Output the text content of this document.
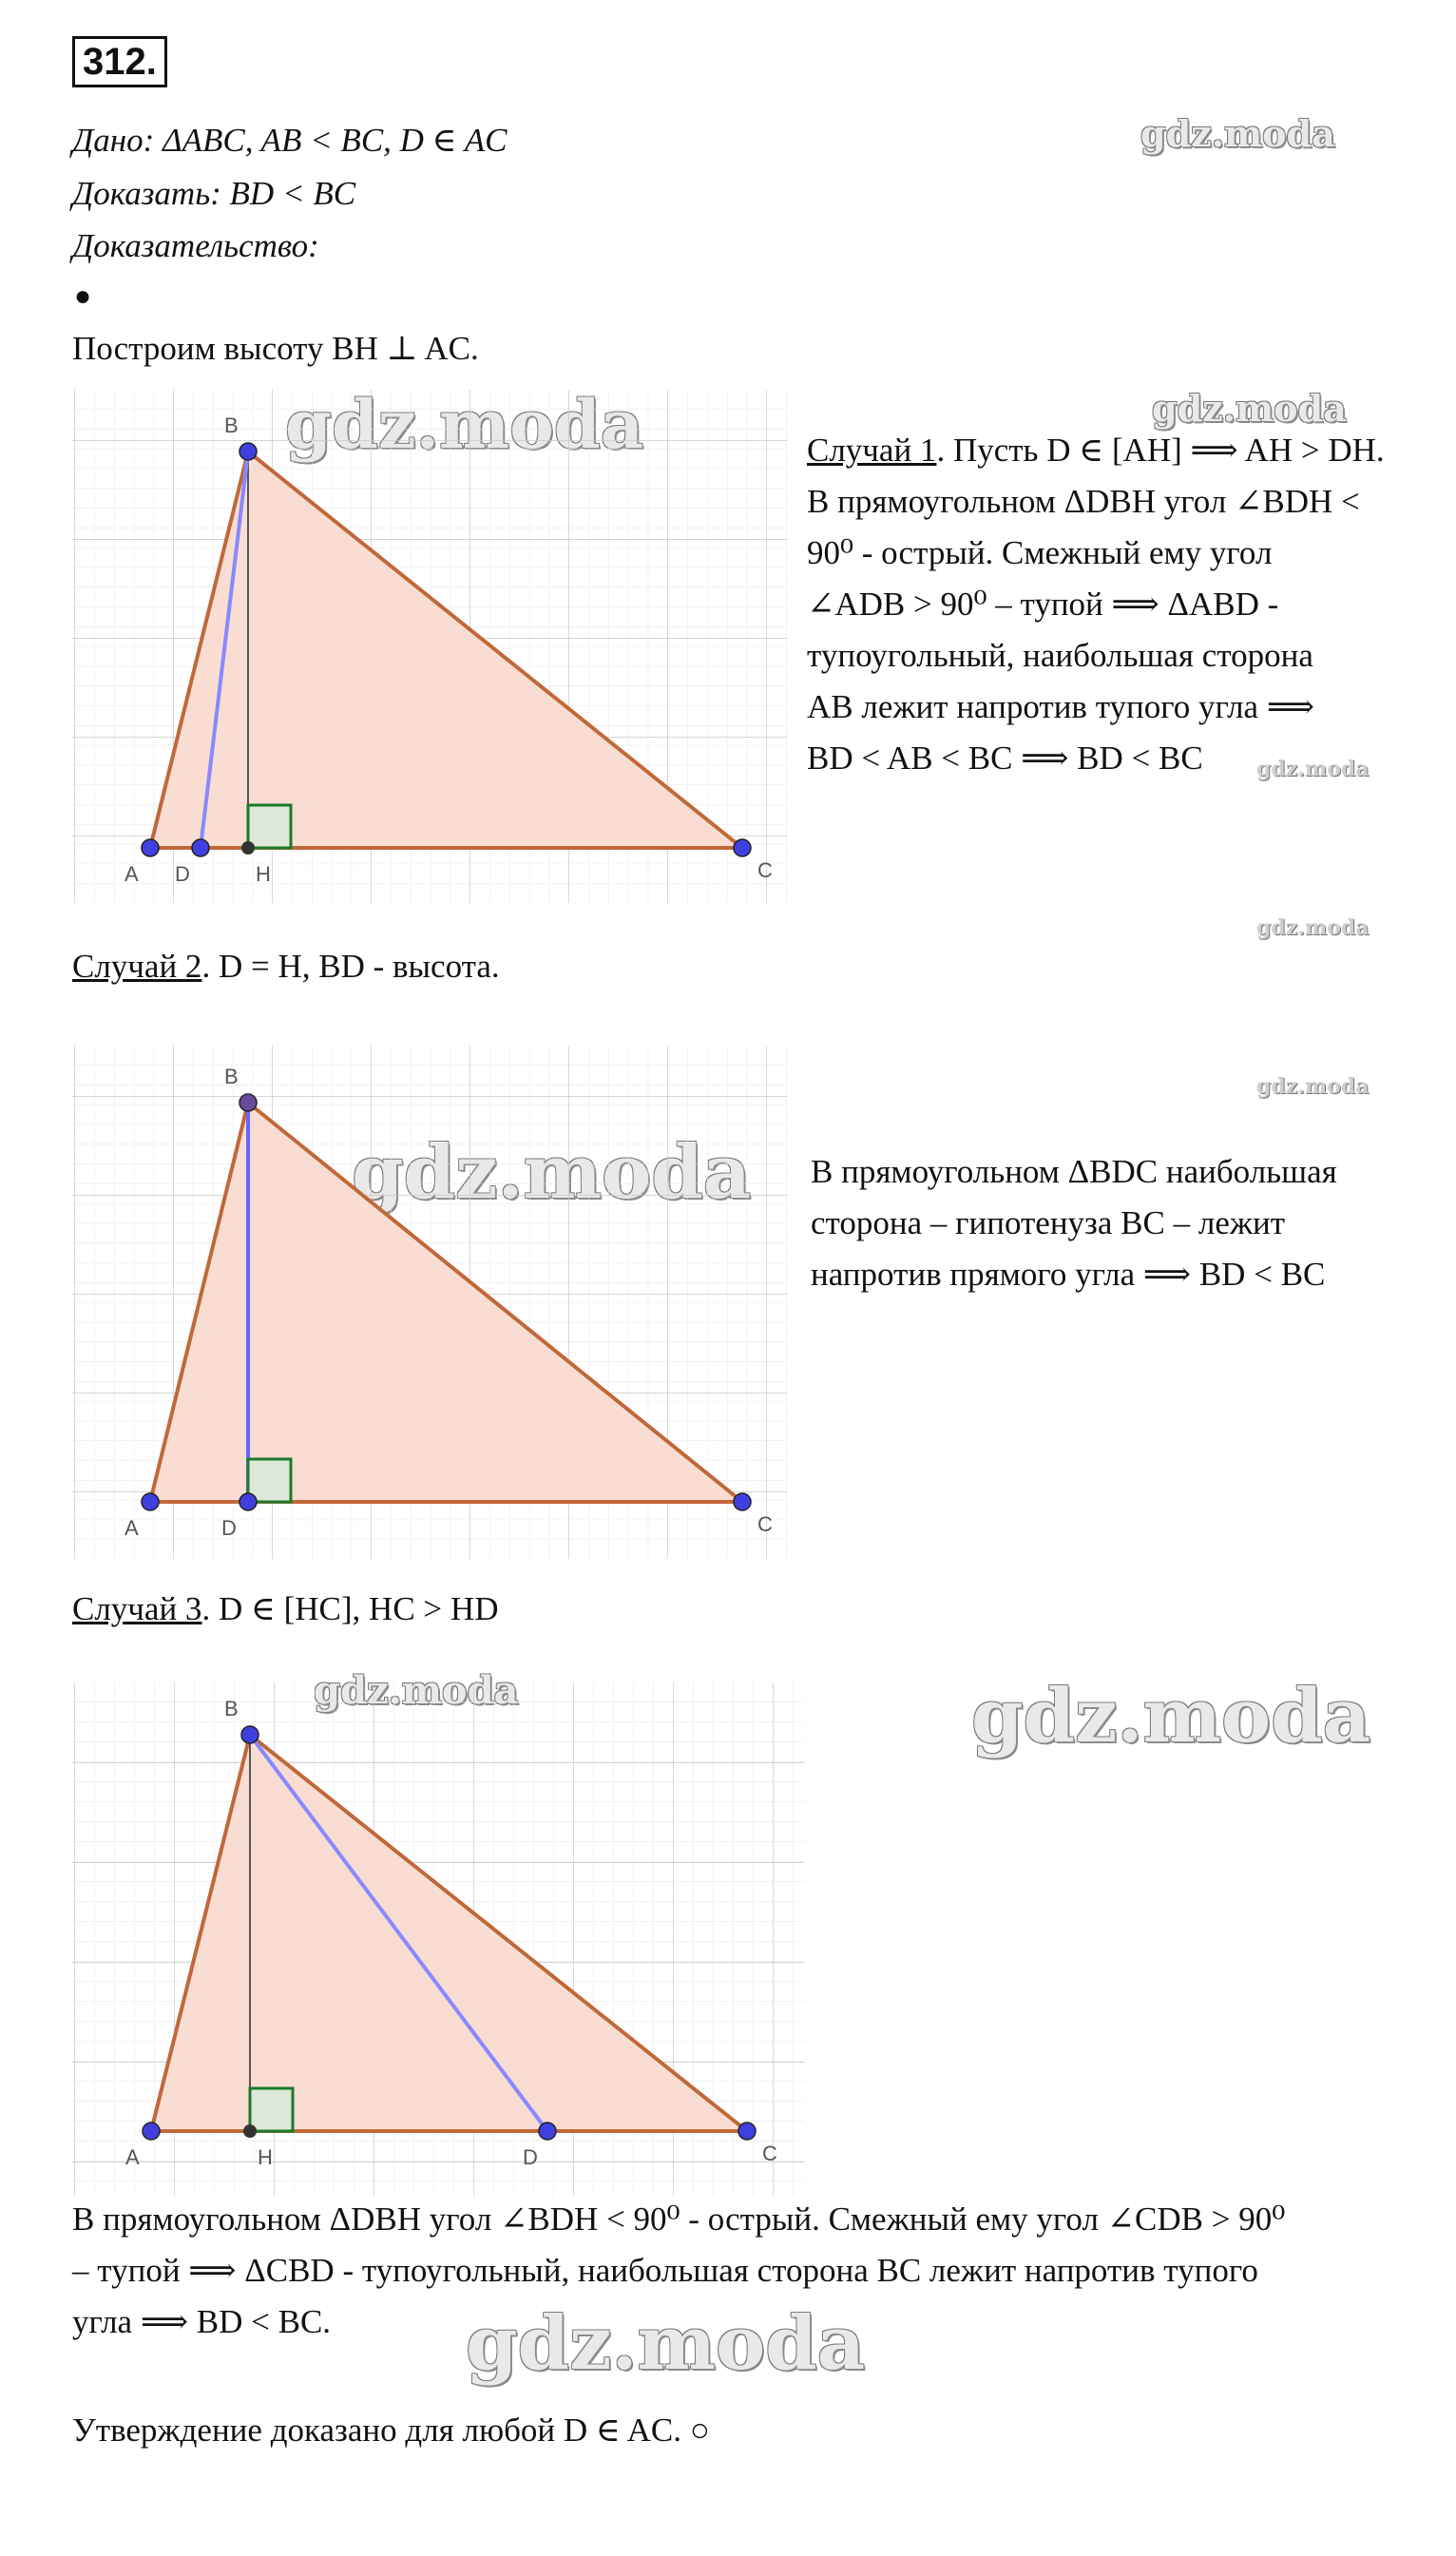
312.
Дано: ΔABC, AB < BC, D ∈ AC
Доказать: BD < BC
Доказательство:
●
Построим высоту BH ⊥ AC.
gdz.moda
gdz.moda
gdz.moda
gdz.moda
gdz.moda
gdz.moda
gdz.moda
A D	H	C
B
Случай 1. Пусть D ∈ [AH] ⟹ AH > DH.
В прямоугольном ΔDBH угол ∠BDH <
90⁰ - острый. Смежный ему угол
∠ADB > 90⁰ – тупой ⟹ ΔABD -
тупоугольный, наибольшая сторона
AB лежит напротив тупого угла ⟹
BD < AB < BC ⟹ BD < BC
Случай 2. D = H, BD - высота.
A	D	C
B
В прямоугольном ΔBDC наибольшая
сторона – гипотенуза BC – лежит
напротив прямого угла ⟹ BD < BC
Случай 3. D ∈ [HC], HC > HD
A	H	D	C
B
В прямоугольном ΔDBH угол ∠BDH < 90⁰ - острый. Смежный ему угол ∠CDB > 90⁰
– тупой ⟹ ΔCBD - тупоугольный, наибольшая сторона BC лежит напротив тупого
угла ⟹ BD < BC.
Утверждение доказано для любой D ∈ AC. ○
